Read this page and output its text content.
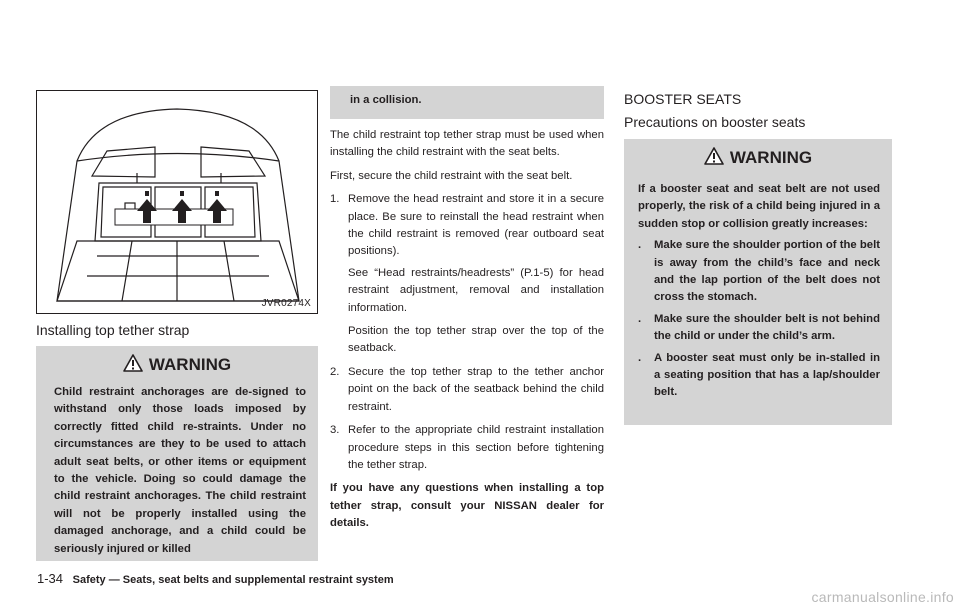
JVR0274X
Installing top tether strap
WARNING

Child restraint anchorages are de-signed to withstand only those loads imposed by correctly fitted child re-straints. Under no circumstances are they to be used to attach adult seat belts, or other items or equipment to the vehicle. Doing so could damage the child restraint anchorages. The child restraint will not be properly installed using the damaged anchorage, and a child could be seriously injured or killed

in a collision.

The child restraint top tether strap must be used when installing the child restraint with the seat belts.

First, secure the child restraint with the seat belt.

1. Remove the head restraint and store it in a secure place. Be sure to reinstall the head restraint when the child restraint is removed (rear outboard seat positions).

See “Head restraints/headrests” (P.1-5) for head restraint adjustment, removal and installation information.

Position the top tether strap over the top of the seatback.

2. Secure the top tether strap to the tether anchor point on the back of the seatback behind the child restraint.
3. Refer to the appropriate child restraint installation procedure steps in this section before tightening the tether strap.

If you have any questions when installing a top tether strap, consult your NISSAN dealer for details.

BOOSTER SEATS
Precautions on booster seats
WARNING

If a booster seat and seat belt are not used properly, the risk of a child being injured in a sudden stop or collision greatly increases:

.	Make sure the shoulder portion of the belt is away from the child’s face and neck and the lap portion of the belt does not cross the stomach.
.	Make sure the shoulder belt is not behind the child or under the child’s arm.
.	A booster seat must only be in-stalled in a seating position that has a lap/shoulder belt.
1-34 Safety — Seats, seat belts and supplemental restraint system
carmanualsonline.info
